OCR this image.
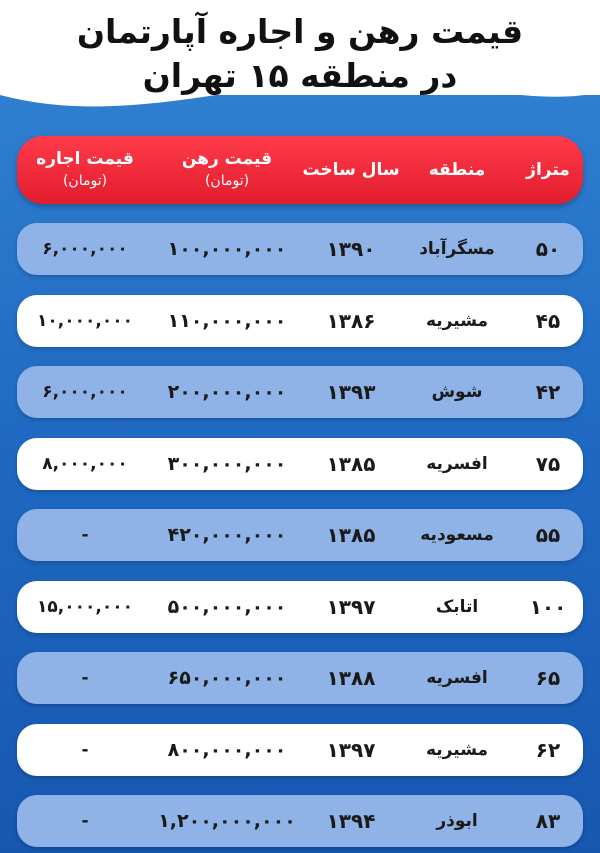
قیمت رهن و اجاره آپارتمان
در منطقه ۱۵ تهران
متراژ
منطقه
سال ساخت
قیمت رهن
(تومان)
قیمت اجاره
(تومان)
۵۰
مسگرآباد
۱۳۹۰
۱۰۰,۰۰۰,۰۰۰
۶,۰۰۰,۰۰۰
۴۵
مشیریه
۱۳۸۶
۱۱۰,۰۰۰,۰۰۰
۱۰,۰۰۰,۰۰۰
۴۲
شوش
۱۳۹۳
۲۰۰,۰۰۰,۰۰۰
۶,۰۰۰,۰۰۰
۷۵
افسریه
۱۳۸۵
۳۰۰,۰۰۰,۰۰۰
۸,۰۰۰,۰۰۰
۵۵
مسعودیه
۱۳۸۵
۴۲۰,۰۰۰,۰۰۰
-
۱۰۰
اتابک
۱۳۹۷
۵۰۰,۰۰۰,۰۰۰
۱۵,۰۰۰,۰۰۰
۶۵
افسریه
۱۳۸۸
۶۵۰,۰۰۰,۰۰۰
-
۶۲
مشیریه
۱۳۹۷
۸۰۰,۰۰۰,۰۰۰
-
۸۳
ابوذر
۱۳۹۴
۱,۲۰۰,۰۰۰,۰۰۰
-
